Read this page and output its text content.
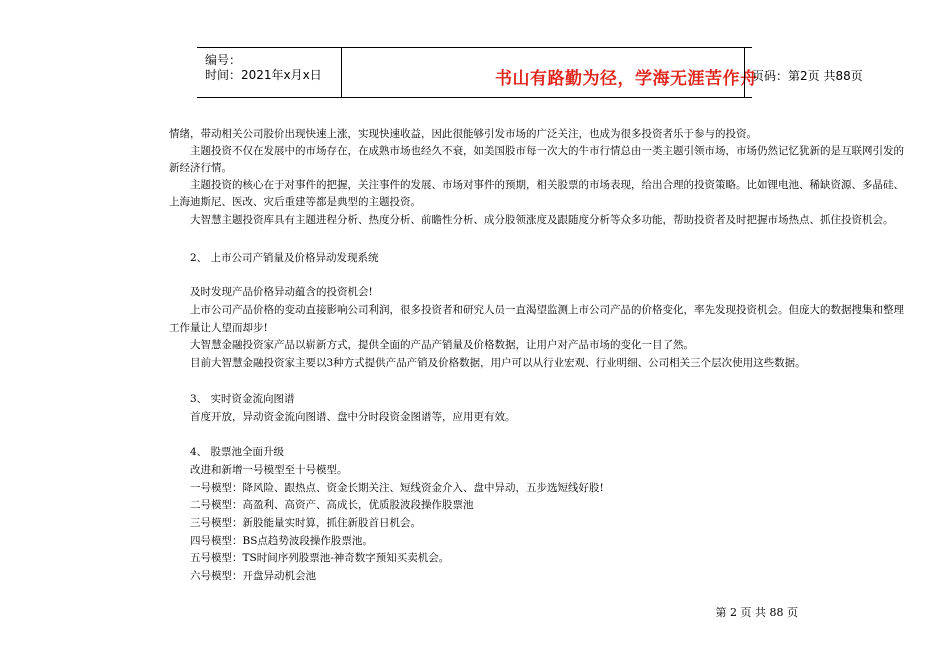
编号：
时间：2021年x月x日	书山有路勤为径，学海无涯苦作舟
页码：第2页 共88页
情绪，带动相关公司股价出现快速上涨，实现快速收益，因此很能够引发市场的广泛关注，也成为很多投资者乐于参与的投资。
主题投资不仅在发展中的市场存在，在成熟市场也经久不衰，如美国股市每一次大的牛市行情总由一类主题引领市场，市场仍然记忆犹新的是互联网引发的
新经济行情。
主题投资的核心在于对事件的把握，关注事件的发展、市场对事件的预期，相关股票的市场表现，给出合理的投资策略。比如锂电池、稀缺资源、多晶硅、
上海迪斯尼、医改、灾后重建等都是典型的主题投资。
大智慧主题投资库具有主题进程分析、热度分析、前瞻性分析、成分股领涨度及跟随度分析等众多功能，帮助投资者及时把握市场热点、抓住投资机会。
2、 上市公司产销量及价格异动发现系统
及时发现产品价格异动蕴含的投资机会!
上市公司产品价格的变动直接影响公司利润，很多投资者和研究人员一直渴望监测上市公司产品的价格变化，率先发现投资机会。但庞大的数据搜集和整理
工作量让人望而却步!
大智慧金融投资家产品以崭新方式，提供全面的产品产销量及价格数据，让用户对产品市场的变化一目了然。
目前大智慧金融投资家主要以3种方式提供产品产销及价格数据，用户可以从行业宏观、行业明细、公司相关三个层次使用这些数据。
3、 实时资金流向图谱
首度开放，异动资金流向图谱、盘中分时段资金图谱等，应用更有效。
4、 股票池全面升级
改进和新增一号模型至十号模型。
一号模型：降风险、跟热点、资金长期关注、短线资金介入、盘中异动，五步选短线好股!
二号模型：高盈利、高资产、高成长，优质股波段操作股票池
三号模型：新股能量实时算，抓住新股首日机会。
四号模型：BS点趋势波段操作股票池。
五号模型：TS时间序列股票池-神奇数字预知买卖机会。
六号模型：开盘异动机会池
第 2 页 共 88 页
